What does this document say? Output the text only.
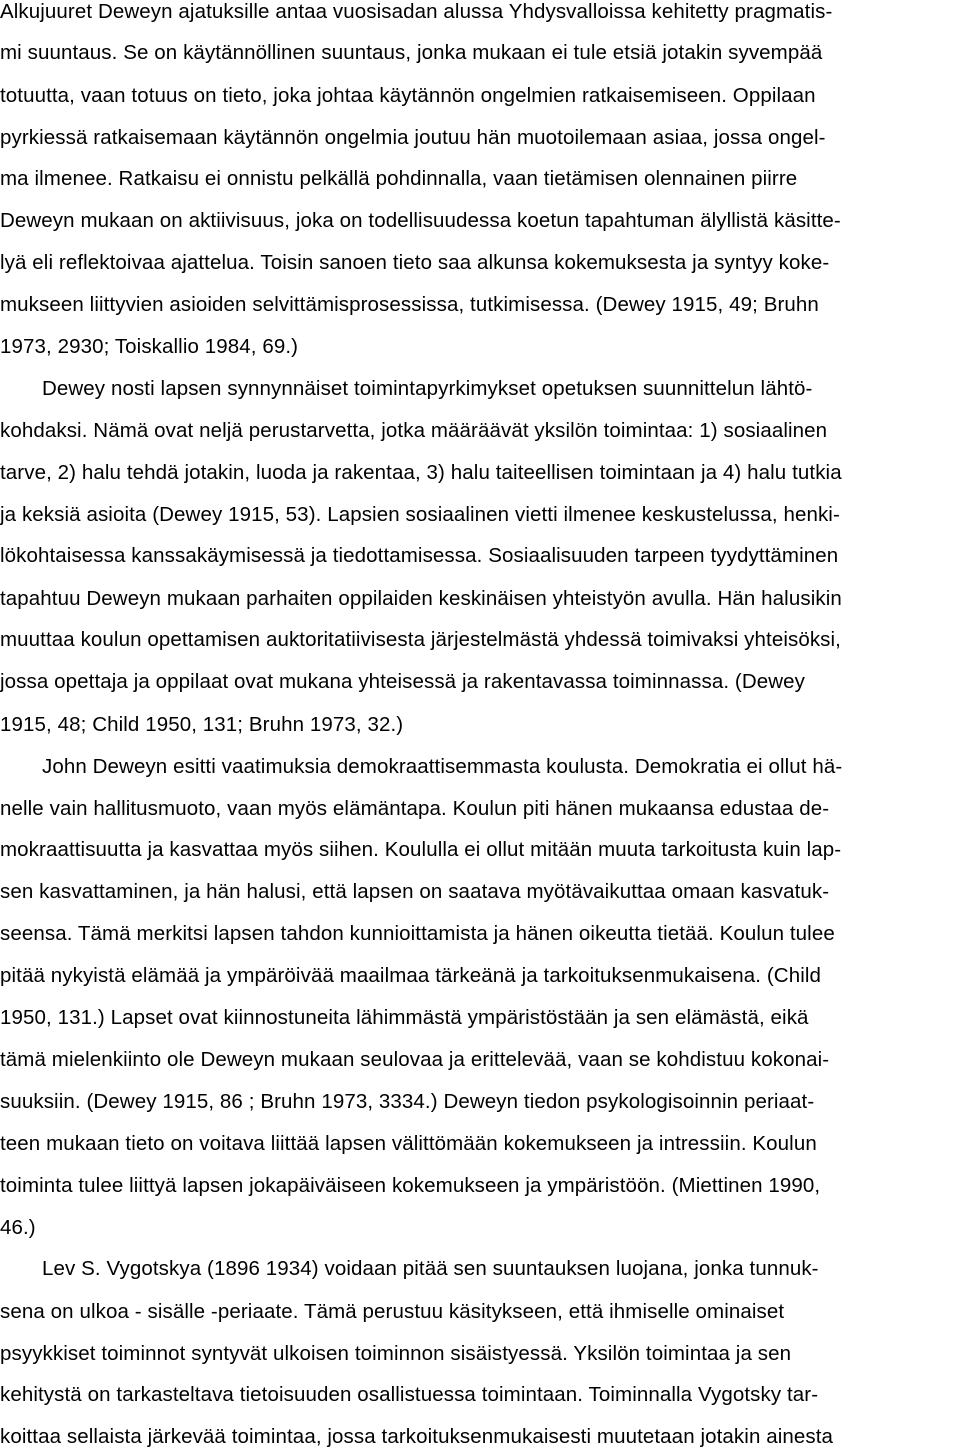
Alkujuuret Deweyn ajatuksille antaa vuosisadan alussa Yhdysvalloissa kehitetty pragmatis-
mi suuntaus. Se on käytännöllinen suuntaus, jonka mukaan ei tule etsiä jotakin syvempää
totuutta, vaan totuus on tieto, joka johtaa käytännön ongelmien ratkaisemiseen. Oppilaan
pyrkiessä ratkaisemaan käytännön ongelmia joutuu hän muotoilemaan asiaa, jossa ongel-
ma ilmenee. Ratkaisu ei onnistu pelkällä pohdinnalla, vaan tietämisen olennainen piirre
Deweyn mukaan on aktiivisuus, joka on todellisuudessa koetun tapahtuman älyllistä käsitte-
lyä eli reflektoivaa ajattelua. Toisin sanoen tieto saa alkunsa kokemuksesta ja syntyy koke-
mukseen liittyvien asioiden selvittämisprosessissa, tutkimisessa. (Dewey 1915, 49; Bruhn
1973, 2930; Toiskallio 1984, 69.)
Dewey nosti lapsen synnynnäiset toimintapyrkimykset opetuksen suunnittelun lähtö-
kohdaksi. Nämä ovat neljä perustarvetta, jotka määräävät yksilön toimintaa: 1) sosiaalinen
tarve, 2) halu tehdä jotakin, luoda ja rakentaa, 3) halu taiteellisen toimintaan ja 4) halu tutkia
ja keksiä asioita (Dewey 1915, 53). Lapsien sosiaalinen vietti ilmenee keskustelussa, henki-
lökohtaisessa kanssakäymisessä ja tiedottamisessa. Sosiaalisuuden tarpeen tyydyttäminen
tapahtuu Deweyn mukaan parhaiten oppilaiden keskinäisen yhteistyön avulla. Hän halusikin
muuttaa koulun opettamisen auktoritatiivisesta järjestelmästä yhdessä toimivaksi yhteisöksi,
jossa opettaja ja oppilaat ovat mukana yhteisessä ja rakentavassa toiminnassa. (Dewey
1915, 48; Child 1950, 131; Bruhn 1973, 32.)
John Deweyn esitti vaatimuksia demokraattisemmasta koulusta. Demokratia ei ollut hä-
nelle vain hallitusmuoto, vaan myös elämäntapa. Koulun piti hänen mukaansa edustaa de-
mokraattisuutta ja kasvattaa myös siihen. Koululla ei ollut mitään muuta tarkoitusta kuin lap-
sen kasvattaminen, ja hän halusi, että lapsen on saatava myötävaikuttaa omaan kasvatuk-
seensa. Tämä merkitsi lapsen tahdon kunnioittamista ja hänen oikeutta tietää. Koulun tulee
pitää nykyistä elämää ja ympäröivää maailmaa tärkeänä ja tarkoituksenmukaisena. (Child
1950, 131.) Lapset ovat kiinnostuneita lähimmästä ympäristöstään ja sen elämästä, eikä
tämä mielenkiinto ole Deweyn mukaan seulovaa ja erittelevää, vaan se kohdistuu kokonai-
suuksiin. (Dewey 1915, 86 ; Bruhn 1973, 3334.) Deweyn tiedon psykologisoinnin periaat-
teen mukaan tieto on voitava liittää lapsen välittömään kokemukseen ja intressiin. Koulun
toiminta tulee liittyä lapsen jokapäiväiseen kokemukseen ja ympäristöön. (Miettinen 1990,
46.)
Lev S. Vygotskya (1896 1934) voidaan pitää sen suuntauksen luojana, jonka tunnuk-
sena on ulkoa - sisälle -periaate. Tämä perustuu käsitykseen, että ihmiselle ominaiset
psyykkiset toiminnot syntyvät ulkoisen toiminnon sisäistyessä. Yksilön toimintaa ja sen
kehitystä on tarkasteltava tietoisuuden osallistuessa toimintaan. Toiminnalla Vygotsky tar-
koittaa sellaista järkevää toimintaa, jossa tarkoituksenmukaisesti muutetaan jotakin ainesta
